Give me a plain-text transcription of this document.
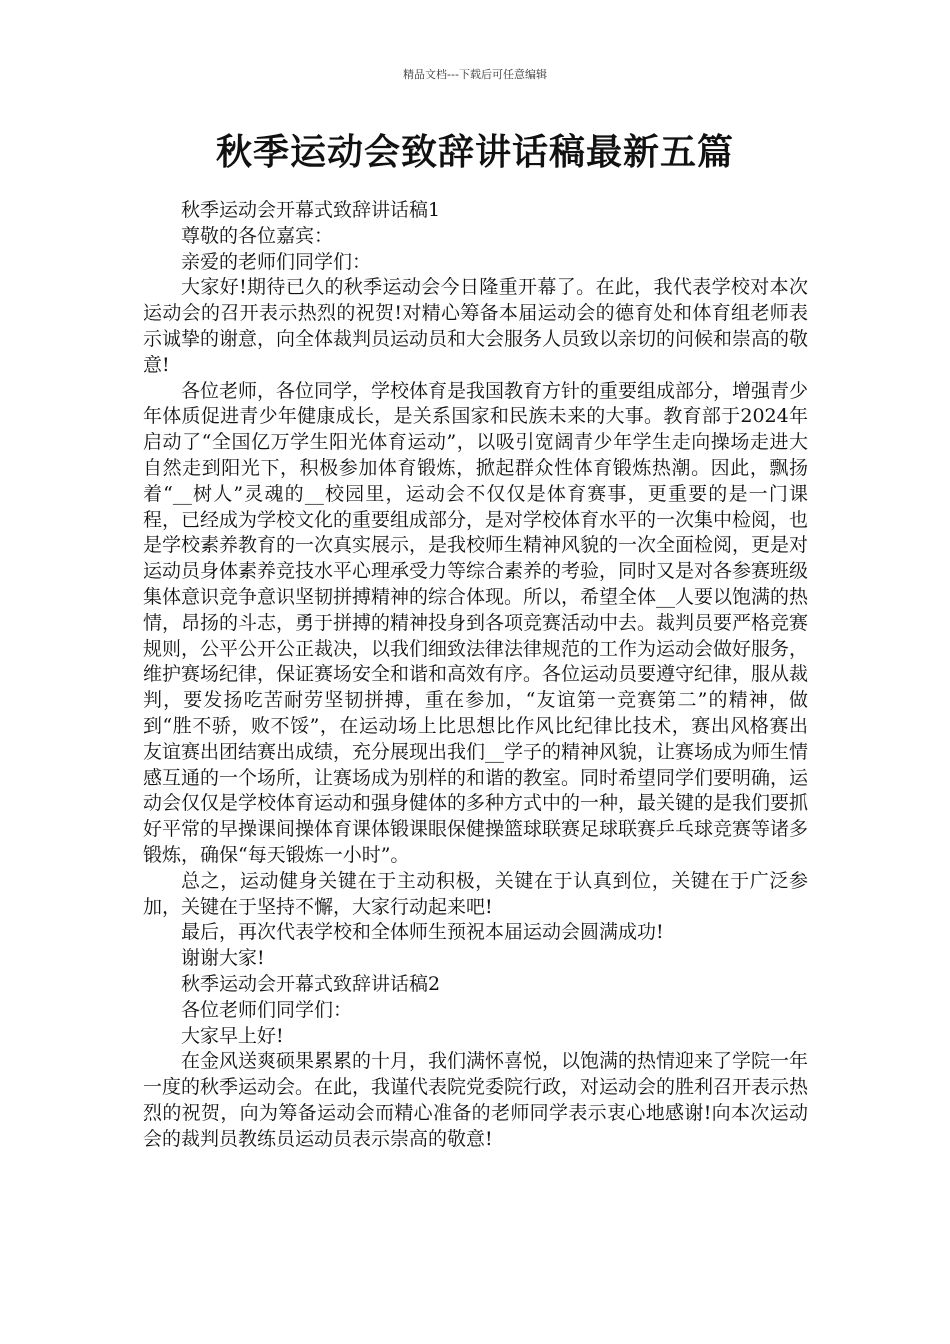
精品文档---下载后可任意编辑
秋季运动会致辞讲话稿最新五篇

秋季运动会开幕式致辞讲话稿1

尊敬的各位嘉宾：

亲爱的老师们同学们：

大家好!期待已久的秋季运动会今日隆重开幕了。在此，我代表学校对本次运动会的召开表示热烈的祝贺!对精心筹备本届运动会的德育处和体育组老师表示诚挚的谢意，向全体裁判员运动员和大会服务人员致以亲切的问候和崇高的敬意!

各位老师，各位同学，学校体育是我国教育方针的重要组成部分，增强青少年体质促进青少年健康成长，是关系国家和民族未来的大事。教育部于2024年启动了“全国亿万学生阳光体育运动”，以吸引宽阔青少年学生走向操场走进大自然走到阳光下，积极参加体育锻炼，掀起群众性体育锻炼热潮。因此，飘扬着“__树人”灵魂的__校园里，运动会不仅仅是体育赛事，更重要的是一门课程，已经成为学校文化的重要组成部分，是对学校体育水平的一次集中检阅，也是学校素养教育的一次真实展示，是我校师生精神风貌的一次全面检阅，更是对运动员身体素养竞技水平心理承受力等综合素养的考验，同时又是对各参赛班级集体意识竞争意识坚韧拼搏精神的综合体现。所以，希望全体__人要以饱满的热情，昂扬的斗志，勇于拼搏的精神投身到各项竞赛活动中去。裁判员要严格竞赛规则，公平公开公正裁决，以我们细致法律法律规范的工作为运动会做好服务，维护赛场纪律，保证赛场安全和谐和高效有序。各位运动员要遵守纪律，服从裁判，要发扬吃苦耐劳坚韧拼搏，重在参加，“友谊第一竞赛第二”的精神，做到“胜不骄，败不馁”，在运动场上比思想比作风比纪律比技术，赛出风格赛出友谊赛出团结赛出成绩，充分展现出我们__学子的精神风貌，让赛场成为师生情感互通的一个场所，让赛场成为别样的和谐的教室。同时希望同学们要明确，运动会仅仅是学校体育运动和强身健体的多种方式中的一种，最关键的是我们要抓好平常的早操课间操体育课体锻课眼保健操篮球联赛足球联赛乒乓球竞赛等诸多锻炼，确保“每天锻炼一小时”。

总之，运动健身关键在于主动积极，关键在于认真到位，关键在于广泛参加，关键在于坚持不懈，大家行动起来吧!

最后，再次代表学校和全体师生预祝本届运动会圆满成功!

谢谢大家!

秋季运动会开幕式致辞讲话稿2

各位老师们同学们：

大家早上好!

在金风送爽硕果累累的十月，我们满怀喜悦，以饱满的热情迎来了学院一年一度的秋季运动会。在此，我谨代表院党委院行政，对运动会的胜利召开表示热烈的祝贺，向为筹备运动会而精心准备的老师同学表示衷心地感谢!向本次运动会的裁判员教练员运动员表示崇高的敬意!
